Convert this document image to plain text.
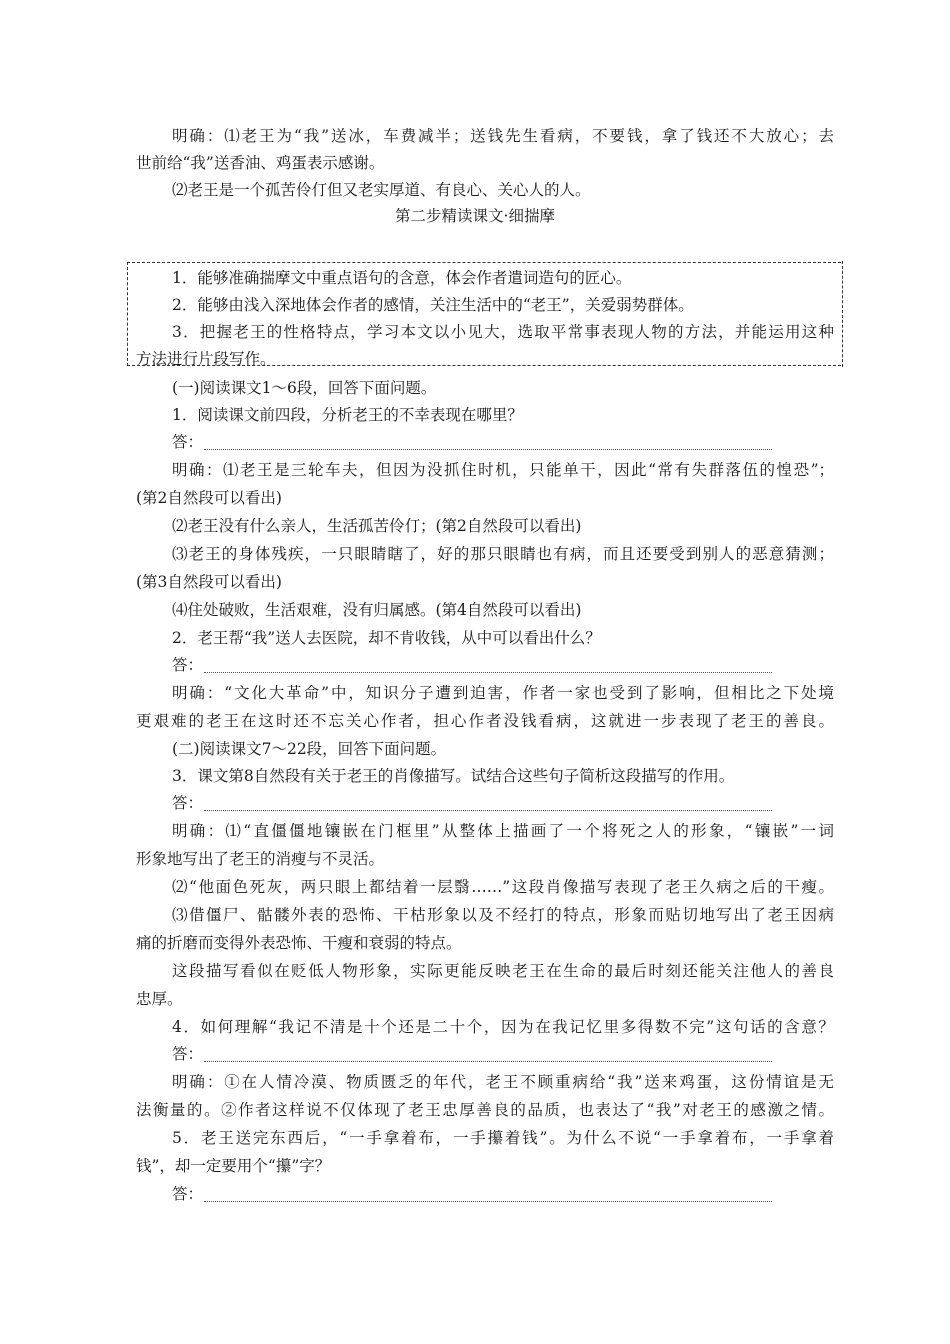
明确：⑴老王为“我”送冰，车费减半；送钱先生看病，不要钱，拿了钱还不大放心；去
世前给“我”送香油、鸡蛋表示感谢。
⑵老王是一个孤苦伶仃但又老实厚道、有良心、关心人的人。
第二步精读课文·细揣摩
1．能够准确揣摩文中重点语句的含意，体会作者遣词造句的匠心。
2．能够由浅入深地体会作者的感情，关注生活中的“老王”，关爱弱势群体。
3．把握老王的性格特点，学习本文以小见大，选取平常事表现人物的方法，并能运用这种
方法进行片段写作。
(一)阅读课文1～6段，回答下面问题。
1．阅读课文前四段，分析老王的不幸表现在哪里？
答：
明确：⑴老王是三轮车夫，但因为没抓住时机，只能单干，因此“常有失群落伍的惶恐”；
(第2自然段可以看出)
⑵老王没有什么亲人，生活孤苦伶仃；(第2自然段可以看出)
⑶老王的身体残疾，一只眼睛瞎了，好的那只眼睛也有病，而且还要受到别人的恶意猜测；
(第3自然段可以看出)
⑷住处破败，生活艰难，没有归属感。(第4自然段可以看出)
2．老王帮“我”送人去医院，却不肯收钱，从中可以看出什么？
答：
明确：“文化大革命”中，知识分子遭到迫害，作者一家也受到了影响，但相比之下处境
更艰难的老王在这时还不忘关心作者，担心作者没钱看病，这就进一步表现了老王的善良。
(二)阅读课文7～22段，回答下面问题。
3．课文第8自然段有关于老王的肖像描写。试结合这些句子简析这段描写的作用。
答：
明确：⑴“直僵僵地镶嵌在门框里”从整体上描画了一个将死之人的形象，“镶嵌”一词
形象地写出了老王的消瘦与不灵活。
⑵“他面色死灰，两只眼上都结着一层翳……”这段肖像描写表现了老王久病之后的干瘦。
⑶借僵尸、骷髅外表的恐怖、干枯形象以及不经打的特点，形象而贴切地写出了老王因病
痛的折磨而变得外表恐怖、干瘦和衰弱的特点。
这段描写看似在贬低人物形象，实际更能反映老王在生命的最后时刻还能关注他人的善良
忠厚。
4．如何理解“我记不清是十个还是二十个，因为在我记忆里多得数不完”这句话的含意？
答：
明确：①在人情冷漠、物质匮乏的年代，老王不顾重病给“我”送来鸡蛋，这份情谊是无
法衡量的。②作者这样说不仅体现了老王忠厚善良的品质，也表达了“我”对老王的感激之情。
5．老王送完东西后，“一手拿着布，一手攥着钱”。为什么不说“一手拿着布，一手拿着
钱”，却一定要用个“攥”字？
答：
